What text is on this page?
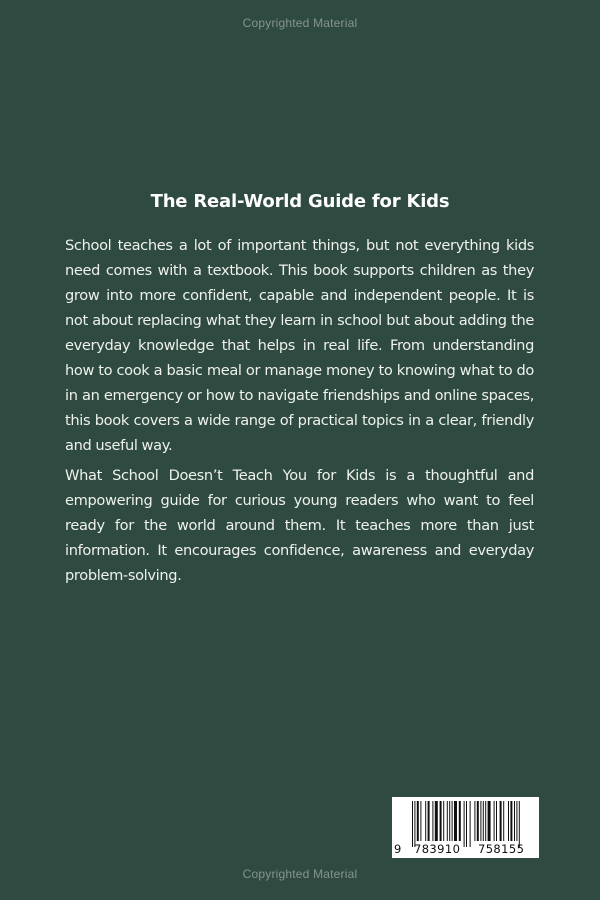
Copyrighted Material
The Real-World Guide for Kids

School teaches a lot of important things, but not everything kids need comes with a textbook. This book supports children as they grow into more confident, capable and independent people. It is not about replacing what they learn in school but about adding the everyday knowledge that helps in real life. From understanding how to cook a basic meal or manage money to knowing what to do in an emergency or how to navigate friendships and online spaces, this book covers a wide range of practical topics in a clear, friendly and useful way.

What School Doesn’t Teach You for Kids is a thoughtful and empowering guide for curious young readers who want to feel ready for the world around them. It teaches more than just information. It encourages confidence, awareness and everyday problem-solving.

9 783910 758155
Copyrighted Material
